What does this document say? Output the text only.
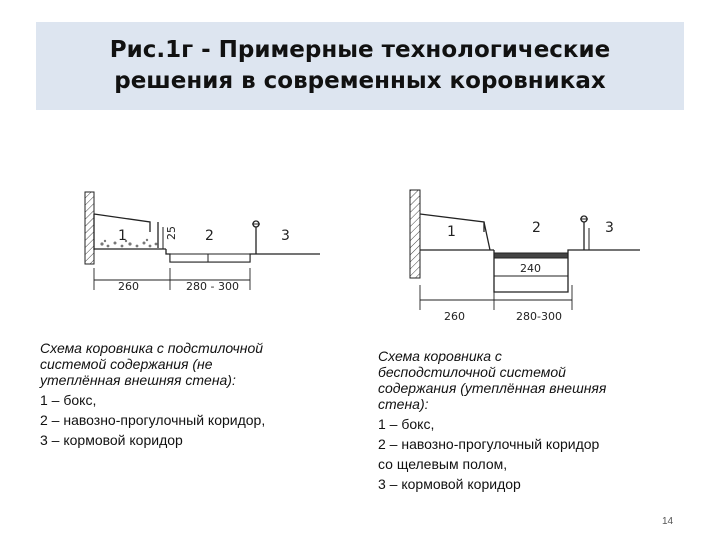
Рис.1г - Примерные технологические
решения в современных коровниках
1	2	3
25
260	280 - 300
1	2	3
240
260	280-300
Схема коровника с подстилочной
системой содержания (не
утеплённая внешняя стена):
1 – бокс,
2 – навозно-прогулочный коридор,
3 – кормовой коридор
Схема коровника с
бесподстилочной системой
содержания (утеплённая внешняя
стена):
1 – бокс,
2 – навозно-прогулочный коридор
со щелевым полом,
3 – кормовой коридор
14
